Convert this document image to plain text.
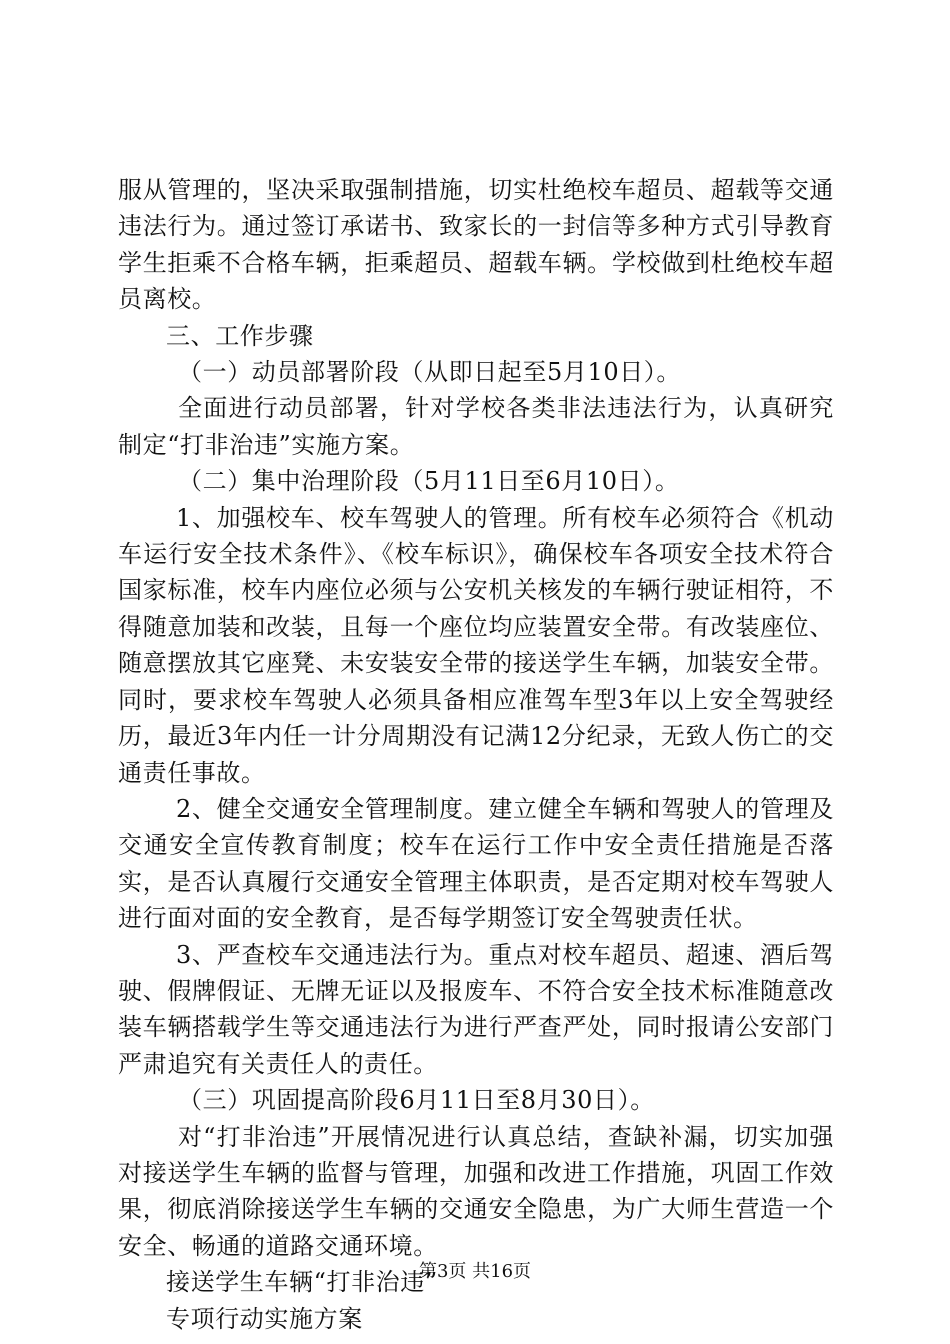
服从管理的，坚决采取强制措施，切实杜绝校车超员、超载等交通违法行为。通过签订承诺书、致家长的一封信等多种方式引导教育学生拒乘不合格车辆，拒乘超员、超载车辆。学校做到杜绝校车超员离校。

三、工作步骤

（一）动员部署阶段（从即日起至5月10日）。

全面进行动员部署，针对学校各类非法违法行为，认真研究制定“打非治违”实施方案。

（二）集中治理阶段（5月11日至6月10日）。

1、加强校车、校车驾驶人的管理。所有校车必须符合《机动车运行安全技术条件》、《校车标识》，确保校车各项安全技术符合国家标准，校车内座位必须与公安机关核发的车辆行驶证相符，不得随意加装和改装，且每一个座位均应装置安全带。有改装座位、随意摆放其它座凳、未安装安全带的接送学生车辆，加装安全带。同时，要求校车驾驶人必须具备相应准驾车型3年以上安全驾驶经历，最近3年内任一计分周期没有记满12分纪录，无致人伤亡的交通责任事故。

2、健全交通安全管理制度。建立健全车辆和驾驶人的管理及交通安全宣传教育制度；校车在运行工作中安全责任措施是否落实，是否认真履行交通安全管理主体职责，是否定期对校车驾驶人进行面对面的安全教育，是否每学期签订安全驾驶责任状。

3、严查校车交通违法行为。重点对校车超员、超速、酒后驾驶、假牌假证、无牌无证以及报废车、不符合安全技术标准随意改装车辆搭载学生等交通违法行为进行严查严处，同时报请公安部门严肃追究有关责任人的责任。

（三）巩固提高阶段6月11日至8月30日）。

对“打非治违”开展情况进行认真总结，查缺补漏，切实加强对接送学生车辆的监督与管理，加强和改进工作措施，巩固工作效果，彻底消除接送学生车辆的交通安全隐患，为广大师生营造一个安全、畅通的道路交通环境。

接送学生车辆“打非治违”

专项行动实施方案

第3页 共16页
